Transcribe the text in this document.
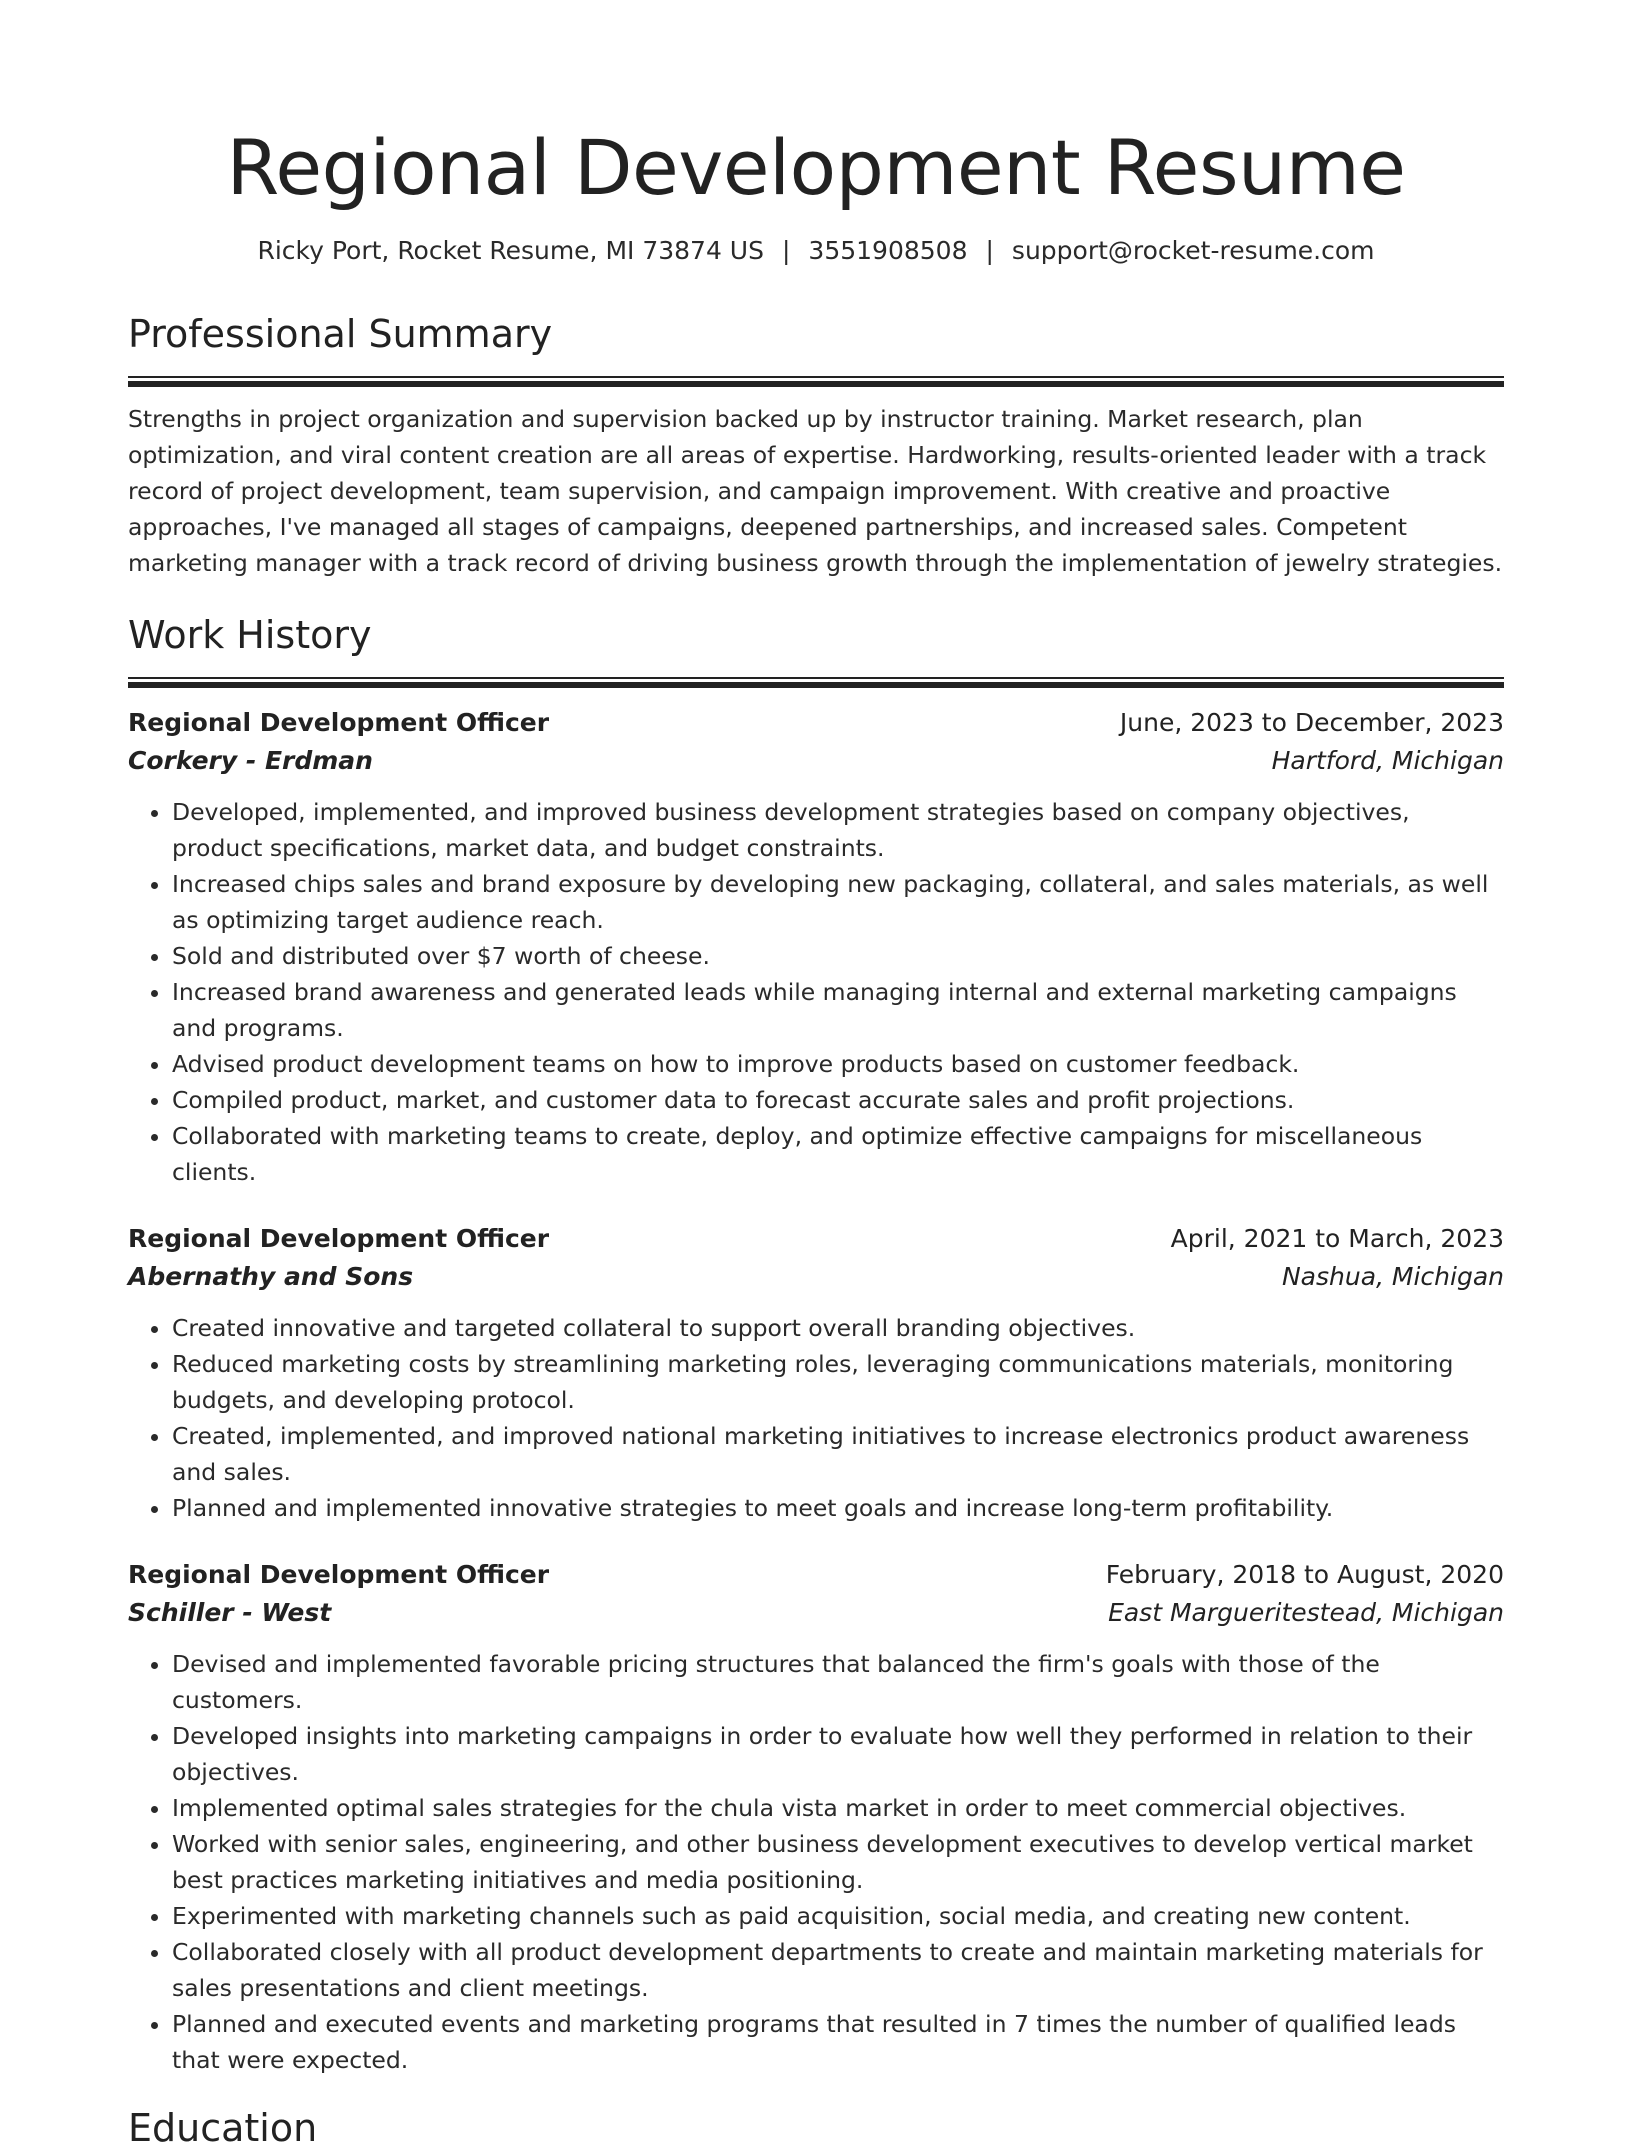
Regional Development Resume
Ricky Port, Rocket Resume, MI 73874 US | 3551908508 | support@rocket-resume.com
Professional Summary
Strengths in project organization and supervision backed up by instructor training. Market research, plan optimization, and viral content creation are all areas of expertise. Hardworking, results-oriented leader with a track record of project development, team supervision, and campaign improvement. With creative and proactive approaches, I've managed all stages of campaigns, deepened partnerships, and increased sales. Competent marketing manager with a track record of driving business growth through the implementation of jewelry strategies.
Work History
Regional Development Officer	June, 2023 to December, 2023
Corkery - Erdman	Hartford, Michigan
• Developed, implemented, and improved business development strategies based on company objectives, product specifications, market data, and budget constraints.
• Increased chips sales and brand exposure by developing new packaging, collateral, and sales materials, as well as optimizing target audience reach.
• Sold and distributed over $7 worth of cheese.
• Increased brand awareness and generated leads while managing internal and external marketing campaigns and programs.
• Advised product development teams on how to improve products based on customer feedback.
• Compiled product, market, and customer data to forecast accurate sales and profit projections.
• Collaborated with marketing teams to create, deploy, and optimize effective campaigns for miscellaneous clients.
Regional Development Officer	April, 2021 to March, 2023
Abernathy and Sons	Nashua, Michigan
• Created innovative and targeted collateral to support overall branding objectives.
• Reduced marketing costs by streamlining marketing roles, leveraging communications materials, monitoring budgets, and developing protocol.
• Created, implemented, and improved national marketing initiatives to increase electronics product awareness and sales.
• Planned and implemented innovative strategies to meet goals and increase long-term profitability.
Regional Development Officer	February, 2018 to August, 2020
Schiller - West	East Margueritestead, Michigan
• Devised and implemented favorable pricing structures that balanced the firm's goals with those of the customers.
• Developed insights into marketing campaigns in order to evaluate how well they performed in relation to their objectives.
• Implemented optimal sales strategies for the chula vista market in order to meet commercial objectives.
• Worked with senior sales, engineering, and other business development executives to develop vertical market best practices marketing initiatives and media positioning.
• Experimented with marketing channels such as paid acquisition, social media, and creating new content.
• Collaborated closely with all product development departments to create and maintain marketing materials for sales presentations and client meetings.
• Planned and executed events and marketing programs that resulted in 7 times the number of qualified leads that were expected.
Education
